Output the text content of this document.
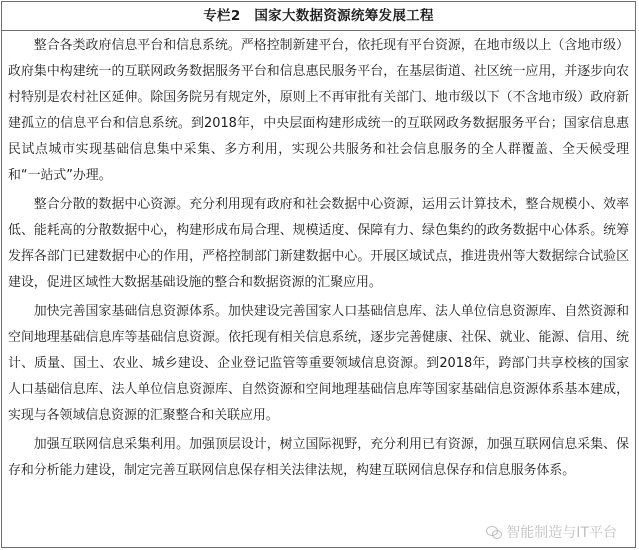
专栏2　国家大数据资源统筹发展工程

整合各类政府信息平台和信息系统。严格控制新建平台，依托现有平台资源，在地市级以上（含地市级）政府集中构建统一的互联网政务数据服务平台和信息惠民服务平台，在基层街道、社区统一应用，并逐步向农村特别是农村社区延伸。除国务院另有规定外，原则上不再审批有关部门、地市级以下（不含地市级）政府新建孤立的信息平台和信息系统。到2018年，中央层面构建形成统一的互联网政务数据服务平台；国家信息惠民试点城市实现基础信息集中采集、多方利用，实现公共服务和社会信息服务的全人群覆盖、全天候受理和“一站式”办理。

整合分散的数据中心资源。充分利用现有政府和社会数据中心资源，运用云计算技术，整合规模小、效率低、能耗高的分散数据中心，构建形成布局合理、规模适度、保障有力、绿色集约的政务数据中心体系。统筹发挥各部门已建数据中心的作用，严格控制部门新建数据中心。开展区域试点，推进贵州等大数据综合试验区建设，促进区域性大数据基础设施的整合和数据资源的汇聚应用。

加快完善国家基础信息资源体系。加快建设完善国家人口基础信息库、法人单位信息资源库、自然资源和空间地理基础信息库等基础信息资源。依托现有相关信息系统，逐步完善健康、社保、就业、能源、信用、统计、质量、国土、农业、城乡建设、企业登记监管等重要领域信息资源。到2018年，跨部门共享校核的国家人口基础信息库、法人单位信息资源库、自然资源和空间地理基础信息库等国家基础信息资源体系基本建成，实现与各领域信息资源的汇聚整合和关联应用。

加强互联网信息采集利用。加强顶层设计，树立国际视野，充分利用已有资源，加强互联网信息采集、保存和分析能力建设，制定完善互联网信息保存相关法律法规，构建互联网信息保存和信息服务体系。

智能制造与IT平台
